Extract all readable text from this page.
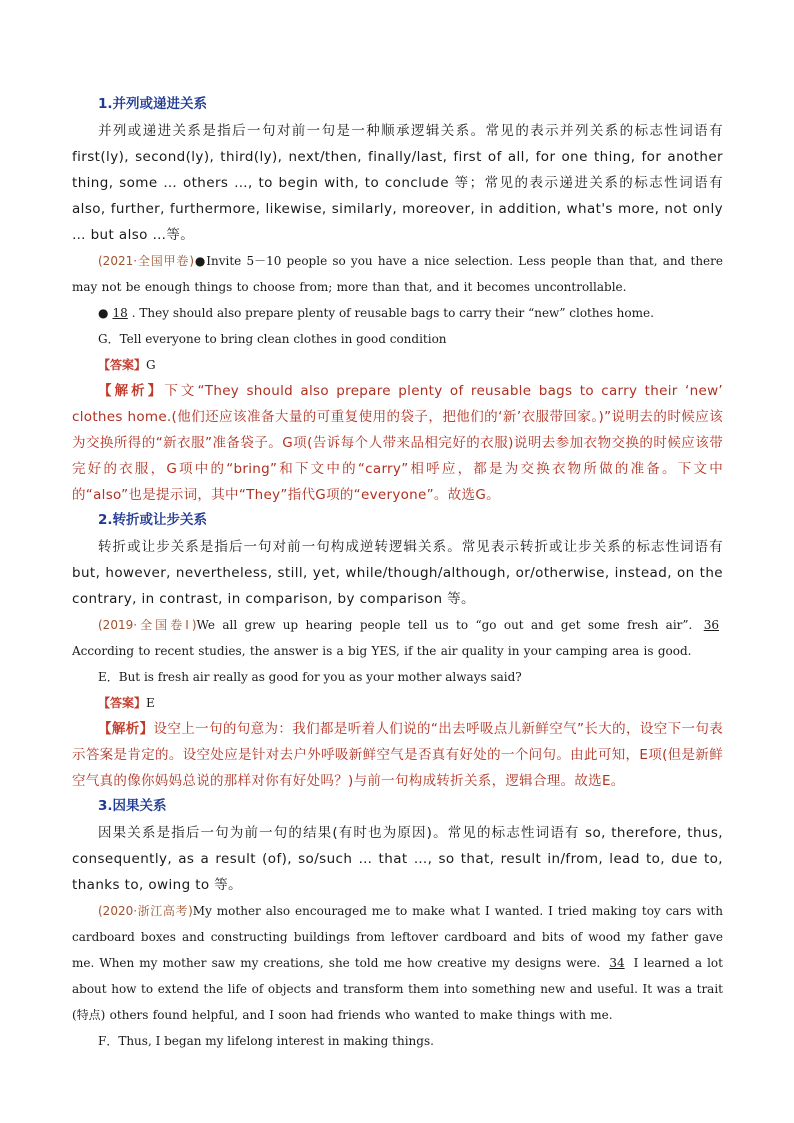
1.并列或递进关系

并列或递进关系是指后一句对前一句是一种顺承逻辑关系。常见的表示并列关系的标志性词语有 first(ly), second(ly), third(ly), next/then, finally/last, first of all, for one thing, for another thing, some … others …, to begin with, to conclude 等；常见的表示递进关系的标志性词语有 also, further, furthermore, likewise, similarly, moreover, in addition, what's more, not only … but also …等。

(2021·全国甲卷)●Invite 5－10 people so you have a nice selection. Less people than that, and there may not be enough things to choose from; more than that, and it becomes uncontrollable.

● 18 . They should also prepare plenty of reusable bags to carry their “new” clothes home.

G．Tell everyone to bring clean clothes in good condition

【答案】G

【解析】下文“They should also prepare plenty of reusable bags to carry their ‘new’ clothes home.(他们还应该准备大量的可重复使用的袋子，把他们的‘新’衣服带回家。)”说明去的时候应该为交换所得的“新衣服”准备袋子。G项(告诉每个人带来品相完好的衣服)说明去参加衣物交换的时候应该带完好的衣服，G项中的“bring”和下文中的“carry”相呼应，都是为交换衣物所做的准备。下文中的“also”也是提示词，其中“They”指代G项的“everyone”。故选G。

2.转折或让步关系

转折或让步关系是指后一句对前一句构成逆转逻辑关系。常见表示转折或让步关系的标志性词语有 but, however, nevertheless, still, yet, while/though/although, or/otherwise, instead, on the contrary, in contrast, in comparison, by comparison 等。

(2019·全国卷Ⅰ)We all grew up hearing people tell us to “go out and get some fresh air”. 36 According to recent studies, the answer is a big YES, if the air quality in your camping area is good.

E．But is fresh air really as good for you as your mother always said?

【答案】E

【解析】设空上一句的句意为：我们都是听着人们说的“出去呼吸点儿新鲜空气”长大的，设空下一句表示答案是肯定的。设空处应是针对去户外呼吸新鲜空气是否真有好处的一个问句。由此可知，E项(但是新鲜空气真的像你妈妈总说的那样对你有好处吗？)与前一句构成转折关系，逻辑合理。故选E。

3.因果关系

因果关系是指后一句为前一句的结果(有时也为原因)。常见的标志性词语有 so, therefore, thus, consequently, as a result (of), so/such … that …, so that, result in/from, lead to, due to, thanks to, owing to 等。

(2020·浙江高考)My mother also encouraged me to make what I wanted. I tried making toy cars with cardboard boxes and constructing buildings from leftover cardboard and bits of wood my father gave me. When my mother saw my creations, she told me how creative my designs were. 34 I learned a lot about how to extend the life of objects and transform them into something new and useful. It was a trait (特点) others found helpful, and I soon had friends who wanted to make things with me.

F．Thus, I began my lifelong interest in making things.
